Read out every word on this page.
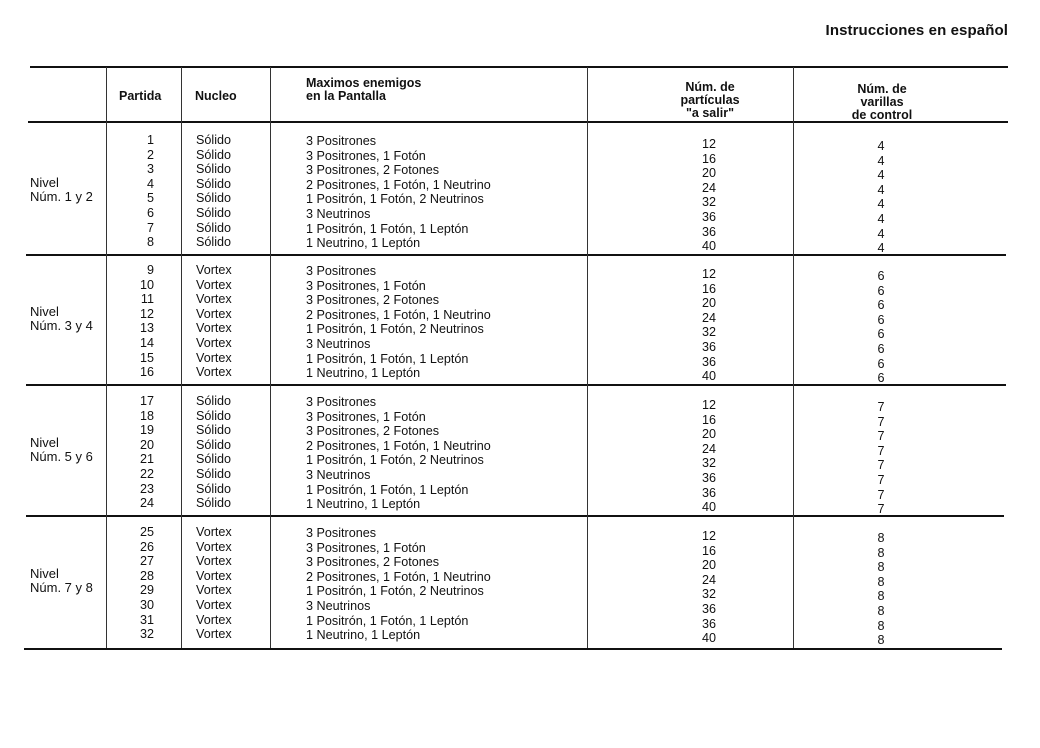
Instrucciones en español
Partida	Nucleo
Maximos enemigos
en la Pantalla
Núm. de
partículas
"a salir"
Núm. de
varillas
de control
Nivel
Núm. 1 y 2
1
2
3
4
5
6
7
8
Sólido
Sólido
Sólido
Sólido
Sólido
Sólido
Sólido
Sólido
3 Positrones
3 Positrones, 1 Fotón
3 Positrones, 2 Fotones
2 Positrones, 1 Fotón, 1 Neutrino
1 Positrón, 1 Fotón, 2 Neutrinos
3 Neutrinos
1 Positrón, 1 Fotón, 1 Leptón
1 Neutrino, 1 Leptón
12
16
20
24
32
36
36
40
4
4
4
4
4
4
4
4
Nivel
Núm. 3 y 4
9
10
11
12
13
14
15
16
Vortex
Vortex
Vortex
Vortex
Vortex
Vortex
Vortex
Vortex
3 Positrones
3 Positrones, 1 Fotón
3 Positrones, 2 Fotones
2 Positrones, 1 Fotón, 1 Neutrino
1 Positrón, 1 Fotón, 2 Neutrinos
3 Neutrinos
1 Positrón, 1 Fotón, 1 Leptón
1 Neutrino, 1 Leptón
12
16
20
24
32
36
36
40
6
6
6
6
6
6
6
6
Nivel
Núm. 5 y 6
17
18
19
20
21
22
23
24
Sólido
Sólido
Sólido
Sólido
Sólido
Sólido
Sólido
Sólido
3 Positrones
3 Positrones, 1 Fotón
3 Positrones, 2 Fotones
2 Positrones, 1 Fotón, 1 Neutrino
1 Positrón, 1 Fotón, 2 Neutrinos
3 Neutrinos
1 Positrón, 1 Fotón, 1 Leptón
1 Neutrino, 1 Leptón
12
16
20
24
32
36
36
40
7
7
7
7
7
7
7
7
Nivel
Núm. 7 y 8
25
26
27
28
29
30
31
32
Vortex
Vortex
Vortex
Vortex
Vortex
Vortex
Vortex
Vortex
3 Positrones
3 Positrones, 1 Fotón
3 Positrones, 2 Fotones
2 Positrones, 1 Fotón, 1 Neutrino
1 Positrón, 1 Fotón, 2 Neutrinos
3 Neutrinos
1 Positrón, 1 Fotón, 1 Leptón
1 Neutrino, 1 Leptón
12
16
20
24
32
36
36
40
8
8
8
8
8
8
8
8
